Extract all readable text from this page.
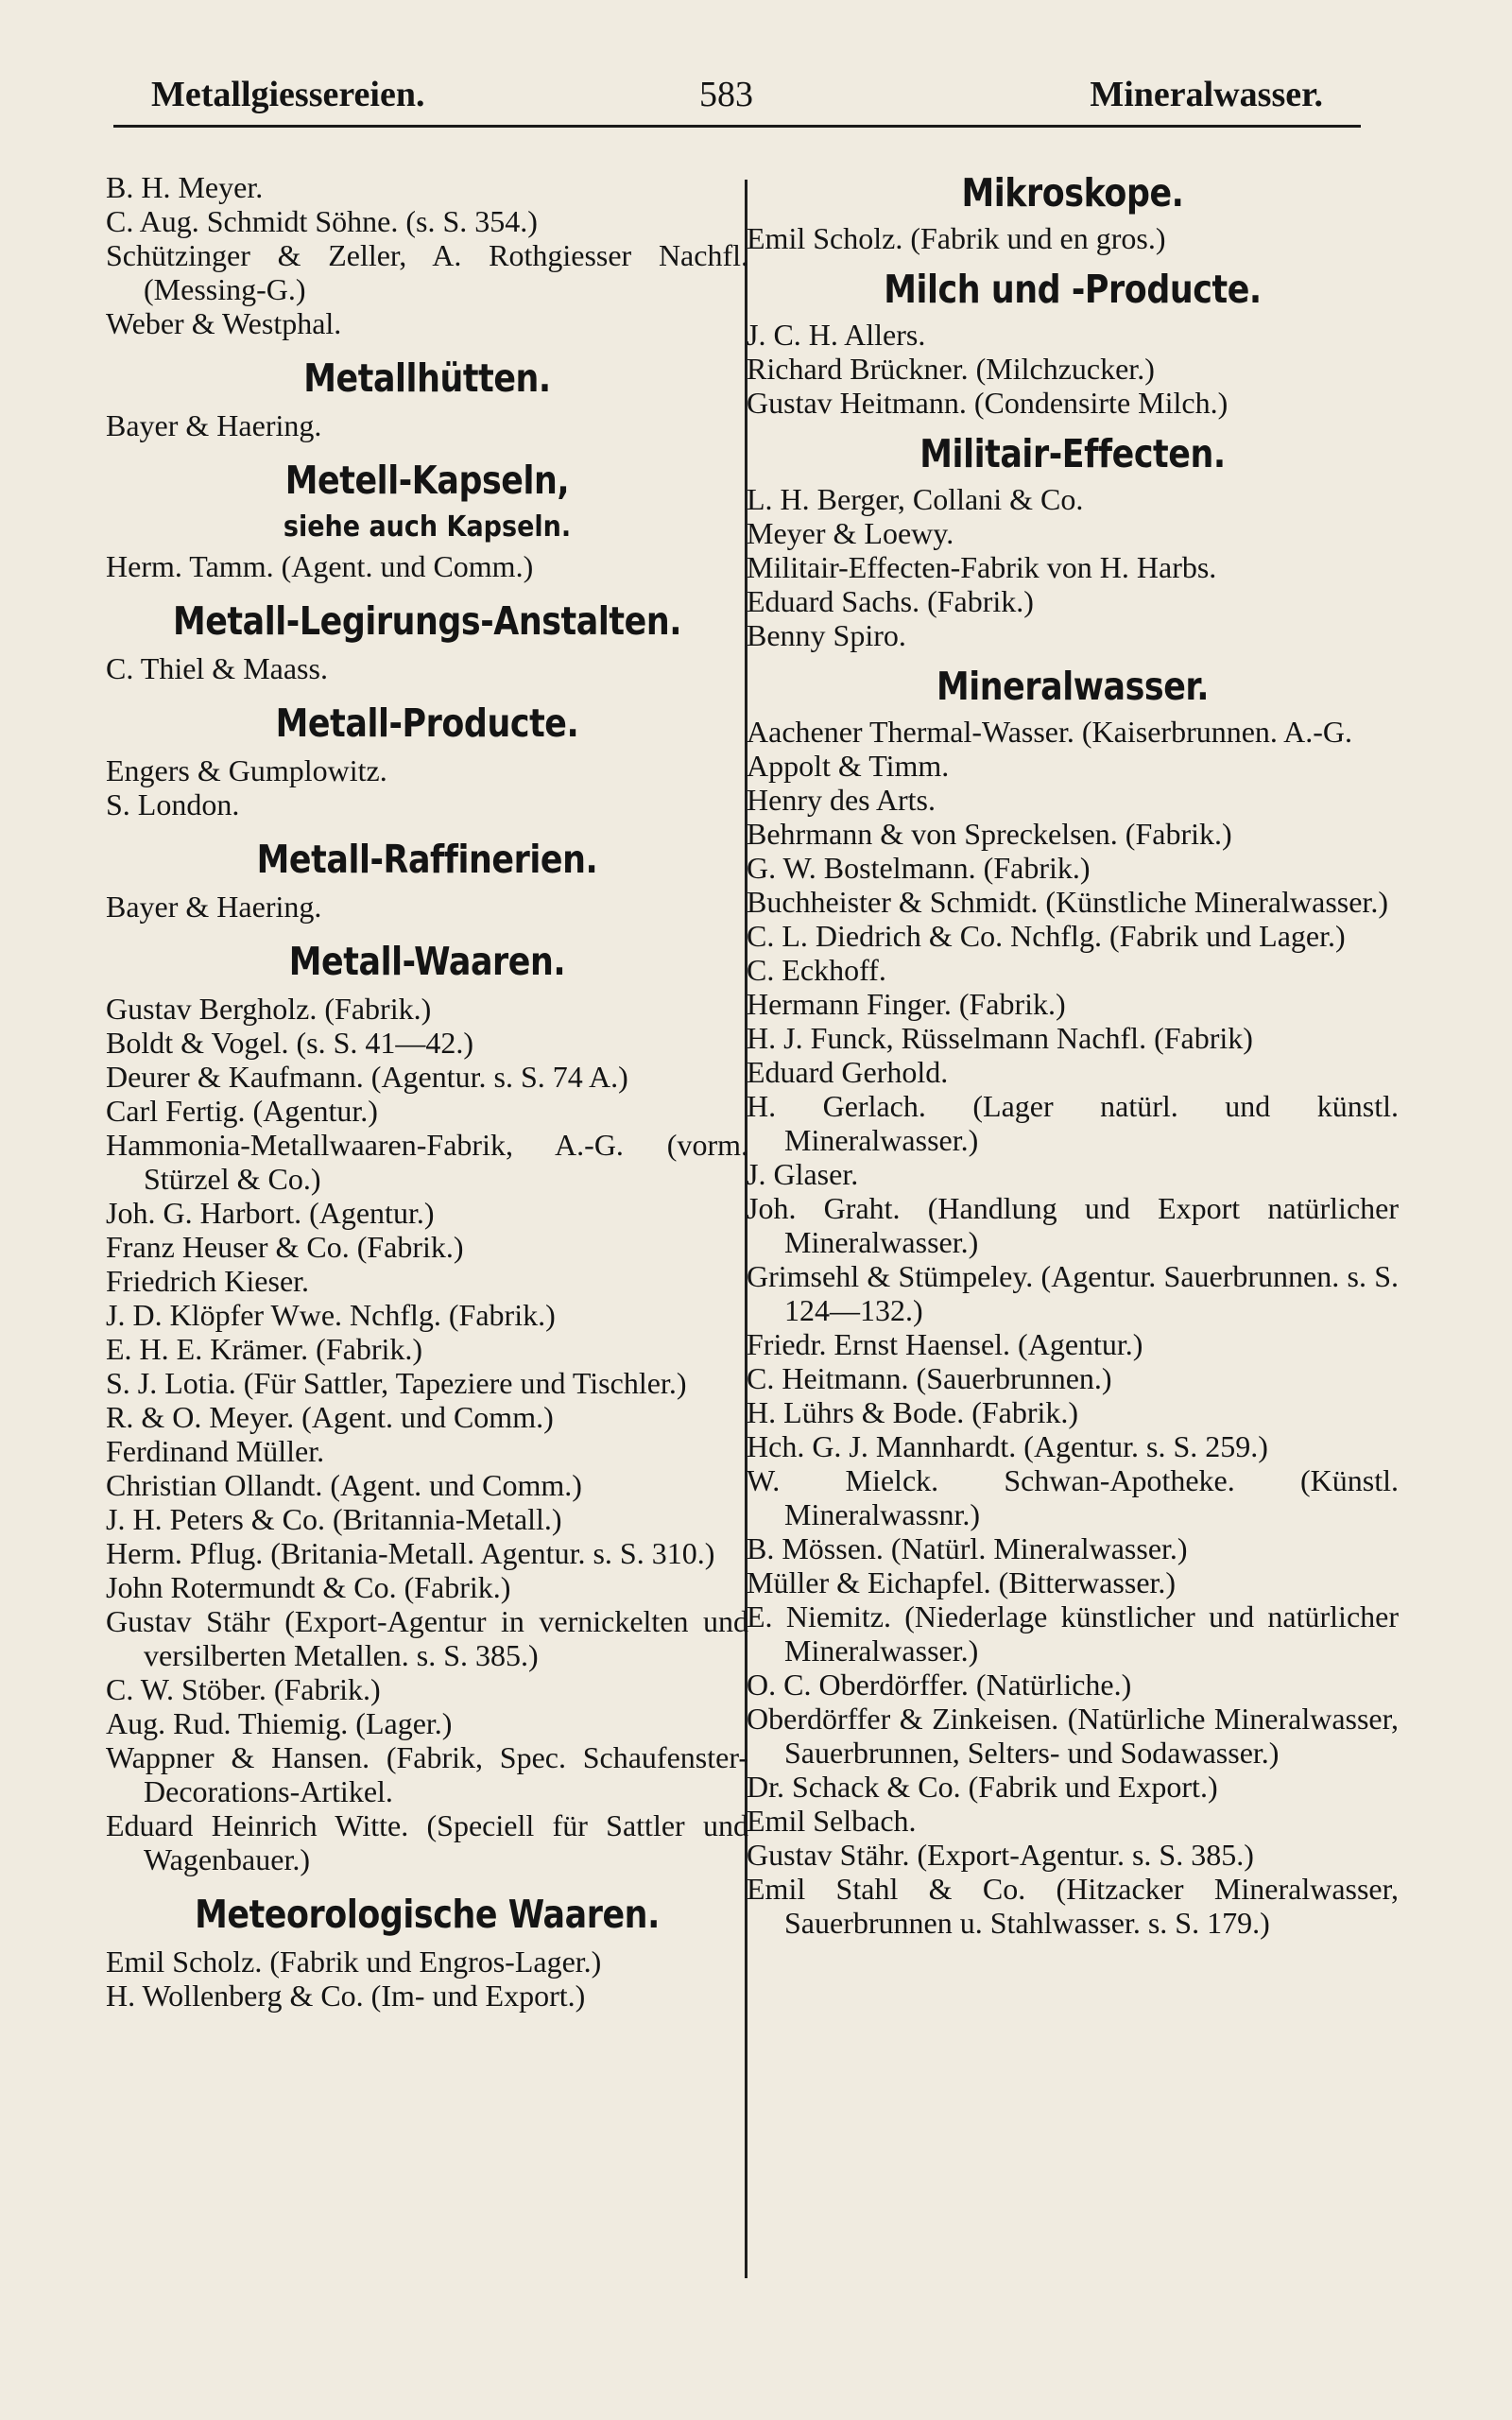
Metallgiessereien.	583	Mineralwasser.
B. H. Meyer.
C. Aug. Schmidt Söhne. (s. S. 354.)
Schützinger & Zeller, A. Rothgiesser Nachfl. (Messing-G.)
Weber & Westphal.
Metallhütten.
Bayer & Haering.
Metell-Kapseln,
siehe auch Kapseln.
Herm. Tamm. (Agent. und Comm.)
Metall-Legirungs-Anstalten.
C. Thiel & Maass.
Metall-Producte.
Engers & Gumplowitz.
S. London.
Metall-Raffinerien.
Bayer & Haering.
Metall-Waaren.
Gustav Bergholz. (Fabrik.)
Boldt & Vogel. (s. S. 41—42.)
Deurer & Kaufmann. (Agentur. s. S. 74 A.)
Carl Fertig. (Agentur.)
Hammonia-Metallwaaren-Fabrik, A.-G. (vorm. Stürzel & Co.)
Joh. G. Harbort. (Agentur.)
Franz Heuser & Co. (Fabrik.)
Friedrich Kieser.
J. D. Klöpfer Wwe. Nchflg. (Fabrik.)
E. H. E. Krämer. (Fabrik.)
S. J. Lotia. (Für Sattler, Tapeziere und Tischler.)
R. & O. Meyer. (Agent. und Comm.)
Ferdinand Müller.
Christian Ollandt. (Agent. und Comm.)
J. H. Peters & Co. (Britannia-Metall.)
Herm. Pflug. (Britania-Metall. Agentur. s. S. 310.)
John Rotermundt & Co. (Fabrik.)
Gustav Stähr (Export-Agentur in vernickelten und versilberten Metallen. s. S. 385.)
C. W. Stöber. (Fabrik.)
Aug. Rud. Thiemig. (Lager.)
Wappner & Hansen. (Fabrik, Spec. Schaufenster-Decorations-Artikel.
Eduard Heinrich Witte. (Speciell für Sattler und Wagenbauer.)
Meteorologische Waaren.
Emil Scholz. (Fabrik und Engros-Lager.)
H. Wollenberg & Co. (Im- und Export.)
Mikroskope.
Emil Scholz. (Fabrik und en gros.)
Milch und -Producte.
J. C. H. Allers.
Richard Brückner. (Milchzucker.)
Gustav Heitmann. (Condensirte Milch.)
Militair-Effecten.
L. H. Berger, Collani & Co.
Meyer & Loewy.
Militair-Effecten-Fabrik von H. Harbs.
Eduard Sachs. (Fabrik.)
Benny Spiro.
Mineralwasser.
Aachener Thermal-Wasser. (Kaiserbrunnen. A.-G.
Appolt & Timm.
Henry des Arts.
Behrmann & von Spreckelsen. (Fabrik.)
G. W. Bostelmann. (Fabrik.)
Buchheister & Schmidt. (Künstliche Mineralwasser.)
C. L. Diedrich & Co. Nchflg. (Fabrik und Lager.)
C. Eckhoff.
Hermann Finger. (Fabrik.)
H. J. Funck, Rüsselmann Nachfl. (Fabrik)
Eduard Gerhold.
H. Gerlach. (Lager natürl. und künstl. Mineralwasser.)
J. Glaser.
Joh. Graht. (Handlung und Export natürlicher Mineralwasser.)
Grimsehl & Stümpeley. (Agentur. Sauerbrunnen. s. S. 124—132.)
Friedr. Ernst Haensel. (Agentur.)
C. Heitmann. (Sauerbrunnen.)
H. Lührs & Bode. (Fabrik.)
Hch. G. J. Mannhardt. (Agentur. s. S. 259.)
W. Mielck. Schwan-Apotheke. (Künstl. Mineralwassnr.)
B. Mössen. (Natürl. Mineralwasser.)
Müller & Eichapfel. (Bitterwasser.)
E. Niemitz. (Niederlage künstlicher und natürlicher Mineralwasser.)
O. C. Oberdörffer. (Natürliche.)
Oberdörffer & Zinkeisen. (Natürliche Mineralwasser, Sauerbrunnen, Selters- und Sodawasser.)
Dr. Schack & Co. (Fabrik und Export.)
Emil Selbach.
Gustav Stähr. (Export-Agentur. s. S. 385.)
Emil Stahl & Co. (Hitzacker Mineralwasser, Sauerbrunnen u. Stahlwasser. s. S. 179.)
